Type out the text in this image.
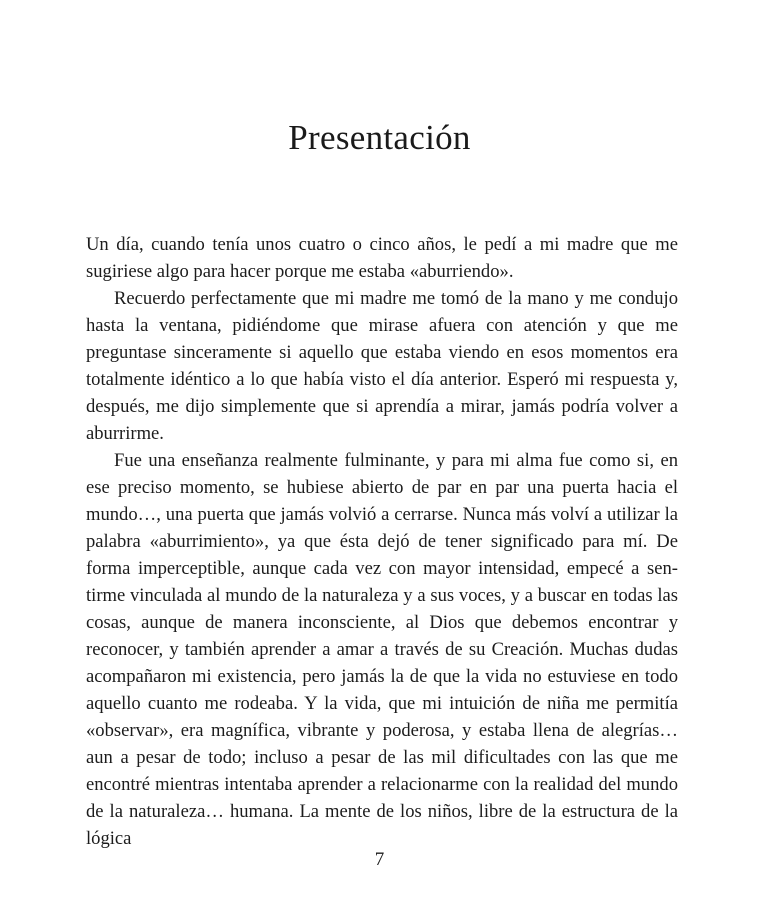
Presentación

Un día, cuando tenía unos cuatro o cinco años, le pedí a mi madre que me sugiriese algo para hacer porque me estaba «aburriendo».

Recuerdo perfectamente que mi madre me tomó de la mano y me condujo hasta la ventana, pidiéndome que mirase afuera con atención y que me preguntase sinceramente si aquello que estaba viendo en esos momentos era totalmente idéntico a lo que había visto el día anterior. Esperó mi respuesta y, después, me dijo simplemente que si aprendía a mirar, jamás podría volver a aburrirme.

Fue una enseñanza realmente fulminante, y para mi alma fue como si, en ese preciso momento, se hubiese abierto de par en par una puerta hacia el mundo…, una puerta que jamás volvió a cerrarse. Nunca más volví a utilizar la palabra «aburrimiento», ya que ésta dejó de tener significado para mí. De forma imperceptible, aunque cada vez con mayor intensidad, empecé a sentirme vinculada al mundo de la naturaleza y a sus voces, y a buscar en todas las cosas, aunque de manera inconsciente, al Dios que debemos encontrar y reconocer, y también aprender a amar a través de su Creación. Muchas dudas acompañaron mi existencia, pero jamás la de que la vida no estuviese en todo aquello cuanto me rodeaba. Y la vida, que mi intuición de niña me permitía «observar», era magnífica, vibrante y poderosa, y estaba llena de alegrías… aun a pesar de todo; incluso a pesar de las mil dificultades con las que me encontré mientras intentaba aprender a relacionarme con la realidad del mundo de la naturaleza… humana. La mente de los niños, libre de la estructura de la lógica

7
